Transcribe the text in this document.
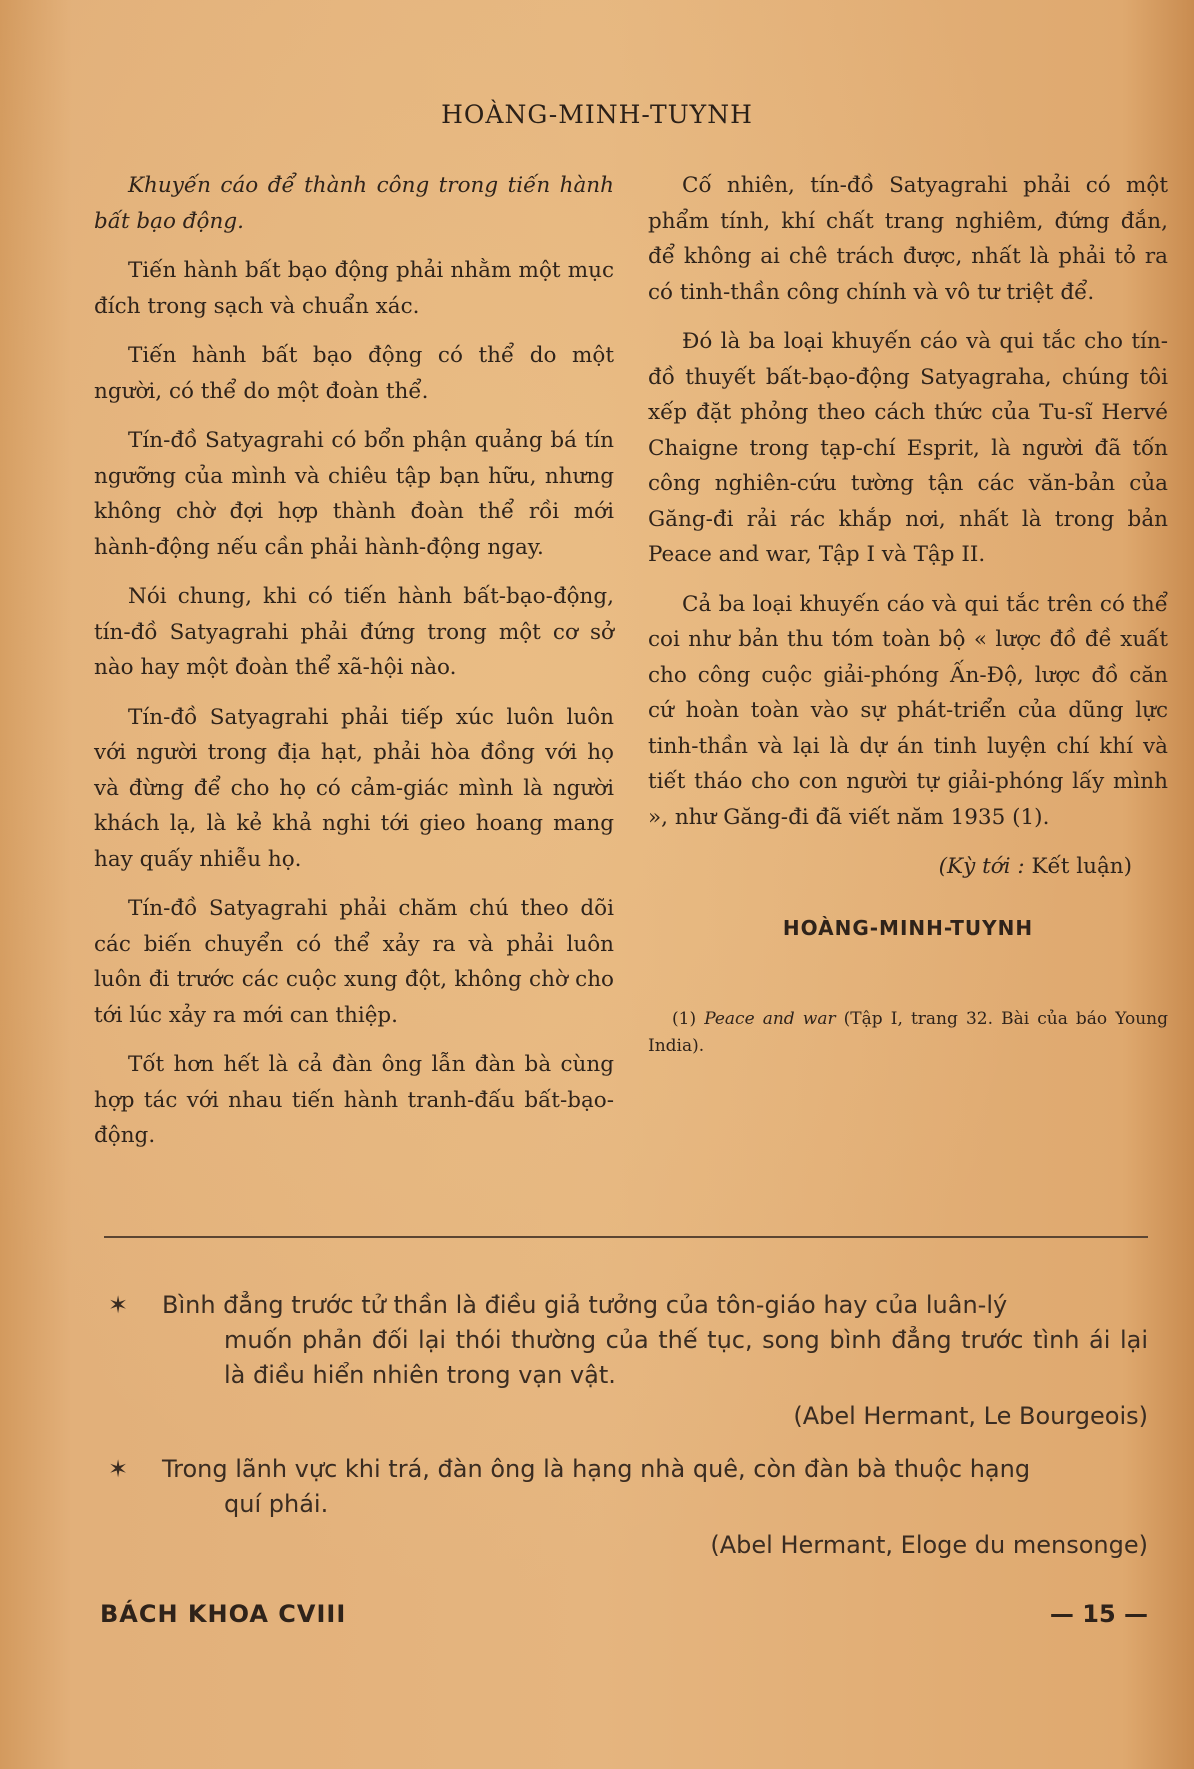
HOÀNG-MINH-TUYNH

Khuyến cáo để thành công trong tiến hành bất bạo động.

Tiến hành bất bạo động phải nhằm một mục đích trong sạch và chuẩn xác.

Tiến hành bất bạo động có thể do một người, có thể do một đoàn thể.

Tín-đồ Satyagrahi có bổn phận quảng bá tín ngưỡng của mình và chiêu tập bạn hữu, nhưng không chờ đợi hợp thành đoàn thể rồi mới hành-động nếu cần phải hành-động ngay.

Nói chung, khi có tiến hành bất-bạo-động, tín-đồ Satyagrahi phải đứng trong một cơ sở nào hay một đoàn thể xã-hội nào.

Tín-đồ Satyagrahi phải tiếp xúc luôn luôn với người trong địa hạt, phải hòa đồng với họ và đừng để cho họ có cảm-giác mình là người khách lạ, là kẻ khả nghi tới gieo hoang mang hay quấy nhiễu họ.

Tín-đồ Satyagrahi phải chăm chú theo dõi các biến chuyển có thể xảy ra và phải luôn luôn đi trước các cuộc xung đột, không chờ cho tới lúc xảy ra mới can thiệp.

Tốt hơn hết là cả đàn ông lẫn đàn bà cùng hợp tác với nhau tiến hành tranh-đấu bất-bạo-động.

Cố nhiên, tín-đồ Satyagrahi phải có một phẩm tính, khí chất trang nghiêm, đứng đắn, để không ai chê trách được, nhất là phải tỏ ra có tinh-thần công chính và vô tư triệt để.

Đó là ba loại khuyến cáo và qui tắc cho tín-đồ thuyết bất-bạo-động Satyagraha, chúng tôi xếp đặt phỏng theo cách thức của Tu-sĩ Hervé Chaigne trong tạp-chí Esprit, là người đã tốn công nghiên-cứu tường tận các văn-bản của Găng-đi rải rác khắp nơi, nhất là trong bản Peace and war, Tập I và Tập II.

Cả ba loại khuyến cáo và qui tắc trên có thể coi như bản thu tóm toàn bộ « lược đồ đề xuất cho công cuộc giải-phóng Ấn-Độ, lược đồ căn cứ hoàn toàn vào sự phát-triển của dũng lực tinh-thần và lại là dự án tinh luyện chí khí và tiết tháo cho con người tự giải-phóng lấy mình », như Găng-đi đã viết năm 1935 (1).

(Kỳ tới : Kết luận)

HOÀNG-MINH-TUYNH

(1) Peace and war (Tập I, trang 32. Bài của báo Young India).

✶ Bình đẳng trước tử thần là điều giả tưởng của tôn-giáo hay của luân-lý
muốn phản đối lại thói thường của thế tục, song bình đẳng trước tình ái lại là điều hiển nhiên trong vạn vật.
(Abel Hermant, Le Bourgeois)
✶ Trong lãnh vực khi trá, đàn ông là hạng nhà quê, còn đàn bà thuộc hạng
quí phái.
(Abel Hermant, Eloge du mensonge)
BÁCH KHOA CVIII	— 15 —
